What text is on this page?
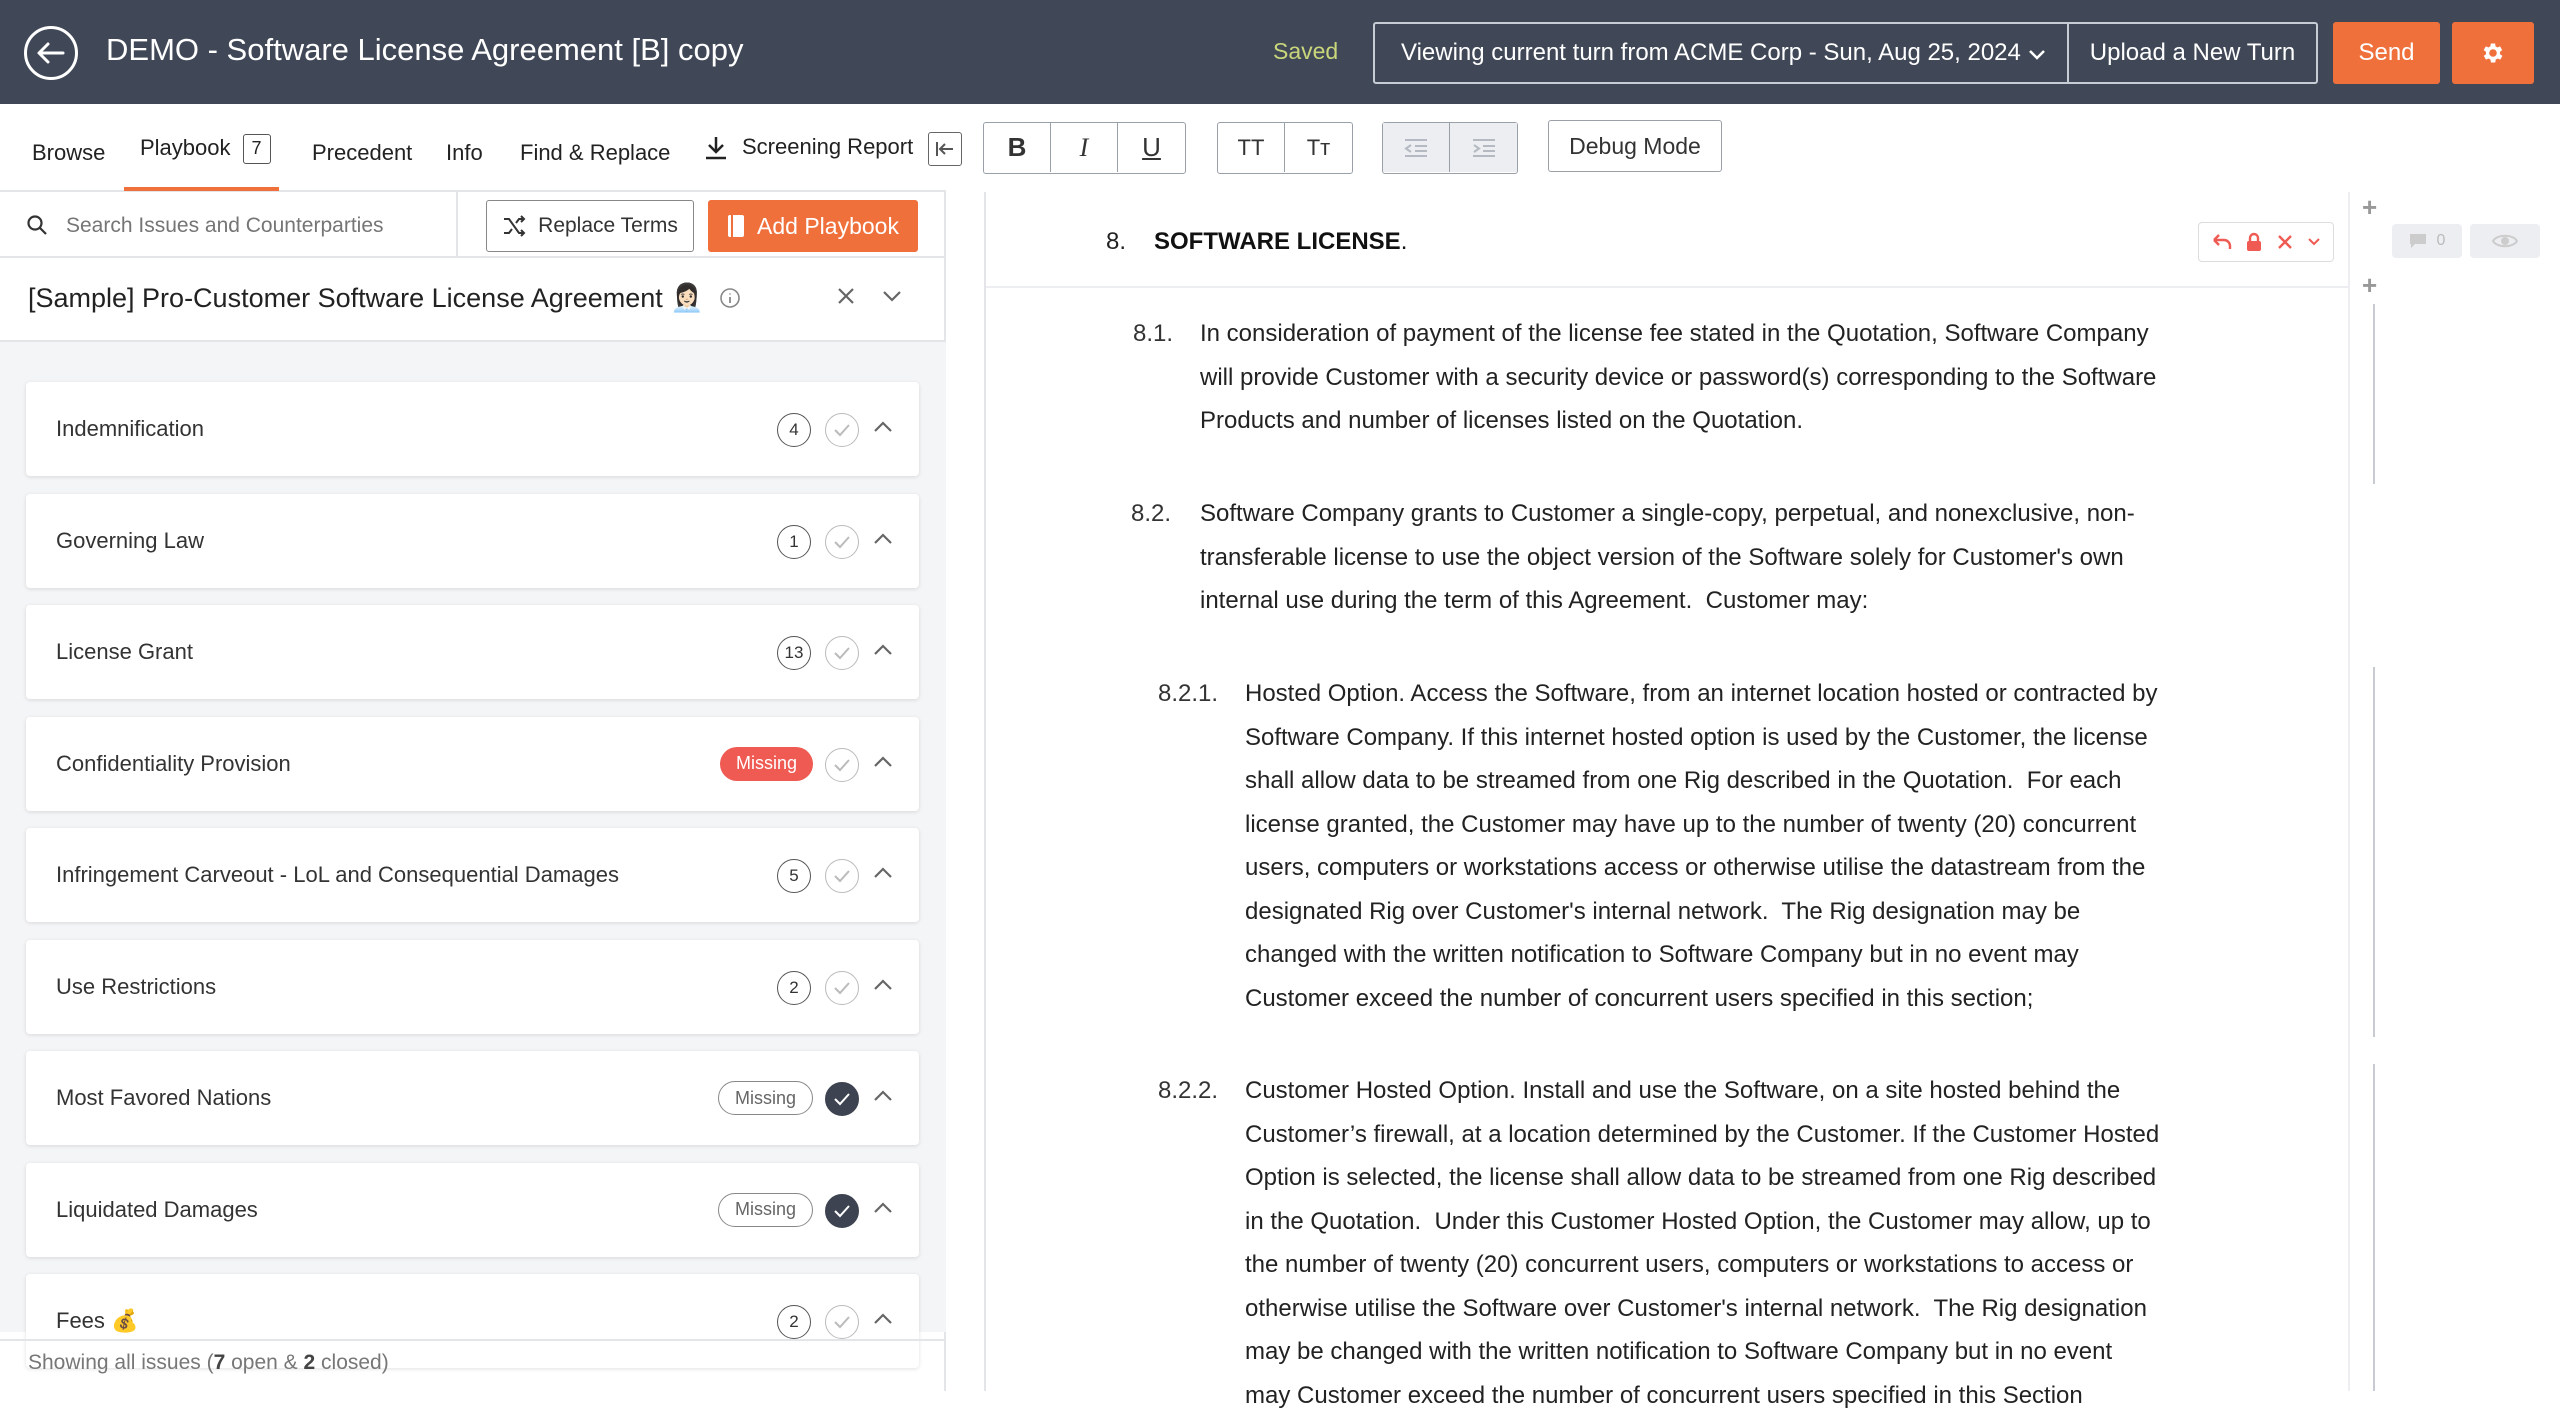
DEMO - Software License Agreement [B] copy	Saved	Viewing current turn from ACME Corp - Sun, Aug 25, 2024	Upload a New Turn	Send
Browse Playbook 7	Precedent Info Find & Replace	Screening Report	B	I	U	TT	Tт	Debug Mode
Search Issues and Counterparties
Replace Terms	Add Playbook
[Sample] Pro-Customer Software License Agreement 👩🏻‍💼
Indemnification	4
Governing Law	1
License Grant	13
Confidentiality Provision	Missing
Infringement Carveout - LoL and Consequential Damages	5
Use Restrictions	2
Most Favored Nations	Missing
Liquidated Damages	Missing
Fees 💰	2
Showing all issues (7 open & 2 closed)
8. SOFTWARE LICENSE.
8.1. In consideration of payment of the license fee stated in the Quotation, Software Company
will provide Customer with a security device or password(s) corresponding to the Software
Products and number of licenses listed on the Quotation.
8.2. Software Company grants to Customer a single-copy, perpetual, and nonexclusive, non-
transferable license to use the object version of the Software solely for Customer's own
internal use during the term of this Agreement.  Customer may:
8.2.1. Hosted Option. Access the Software, from an internet location hosted or contracted by
Software Company. If this internet hosted option is used by the Customer, the license
shall allow data to be streamed from one Rig described in the Quotation.  For each
license granted, the Customer may have up to the number of twenty (20) concurrent
users, computers or workstations access or otherwise utilise the datastream from the
designated Rig over Customer's internal network.  The Rig designation may be
changed with the written notification to Software Company but in no event may
Customer exceed the number of concurrent users specified in this section;
8.2.2. Customer Hosted Option. Install and use the Software, on a site hosted behind the
Customer’s firewall, at a location determined by the Customer. If the Customer Hosted
Option is selected, the license shall allow data to be streamed from one Rig described
in the Quotation.  Under this Customer Hosted Option, the Customer may allow, up to
the number of twenty (20) concurrent users, computers or workstations to access or
otherwise utilise the Software over Customer's internal network.  The Rig designation
may be changed with the written notification to Software Company but in no event
may Customer exceed the number of concurrent users specified in this Section
+
+
0
